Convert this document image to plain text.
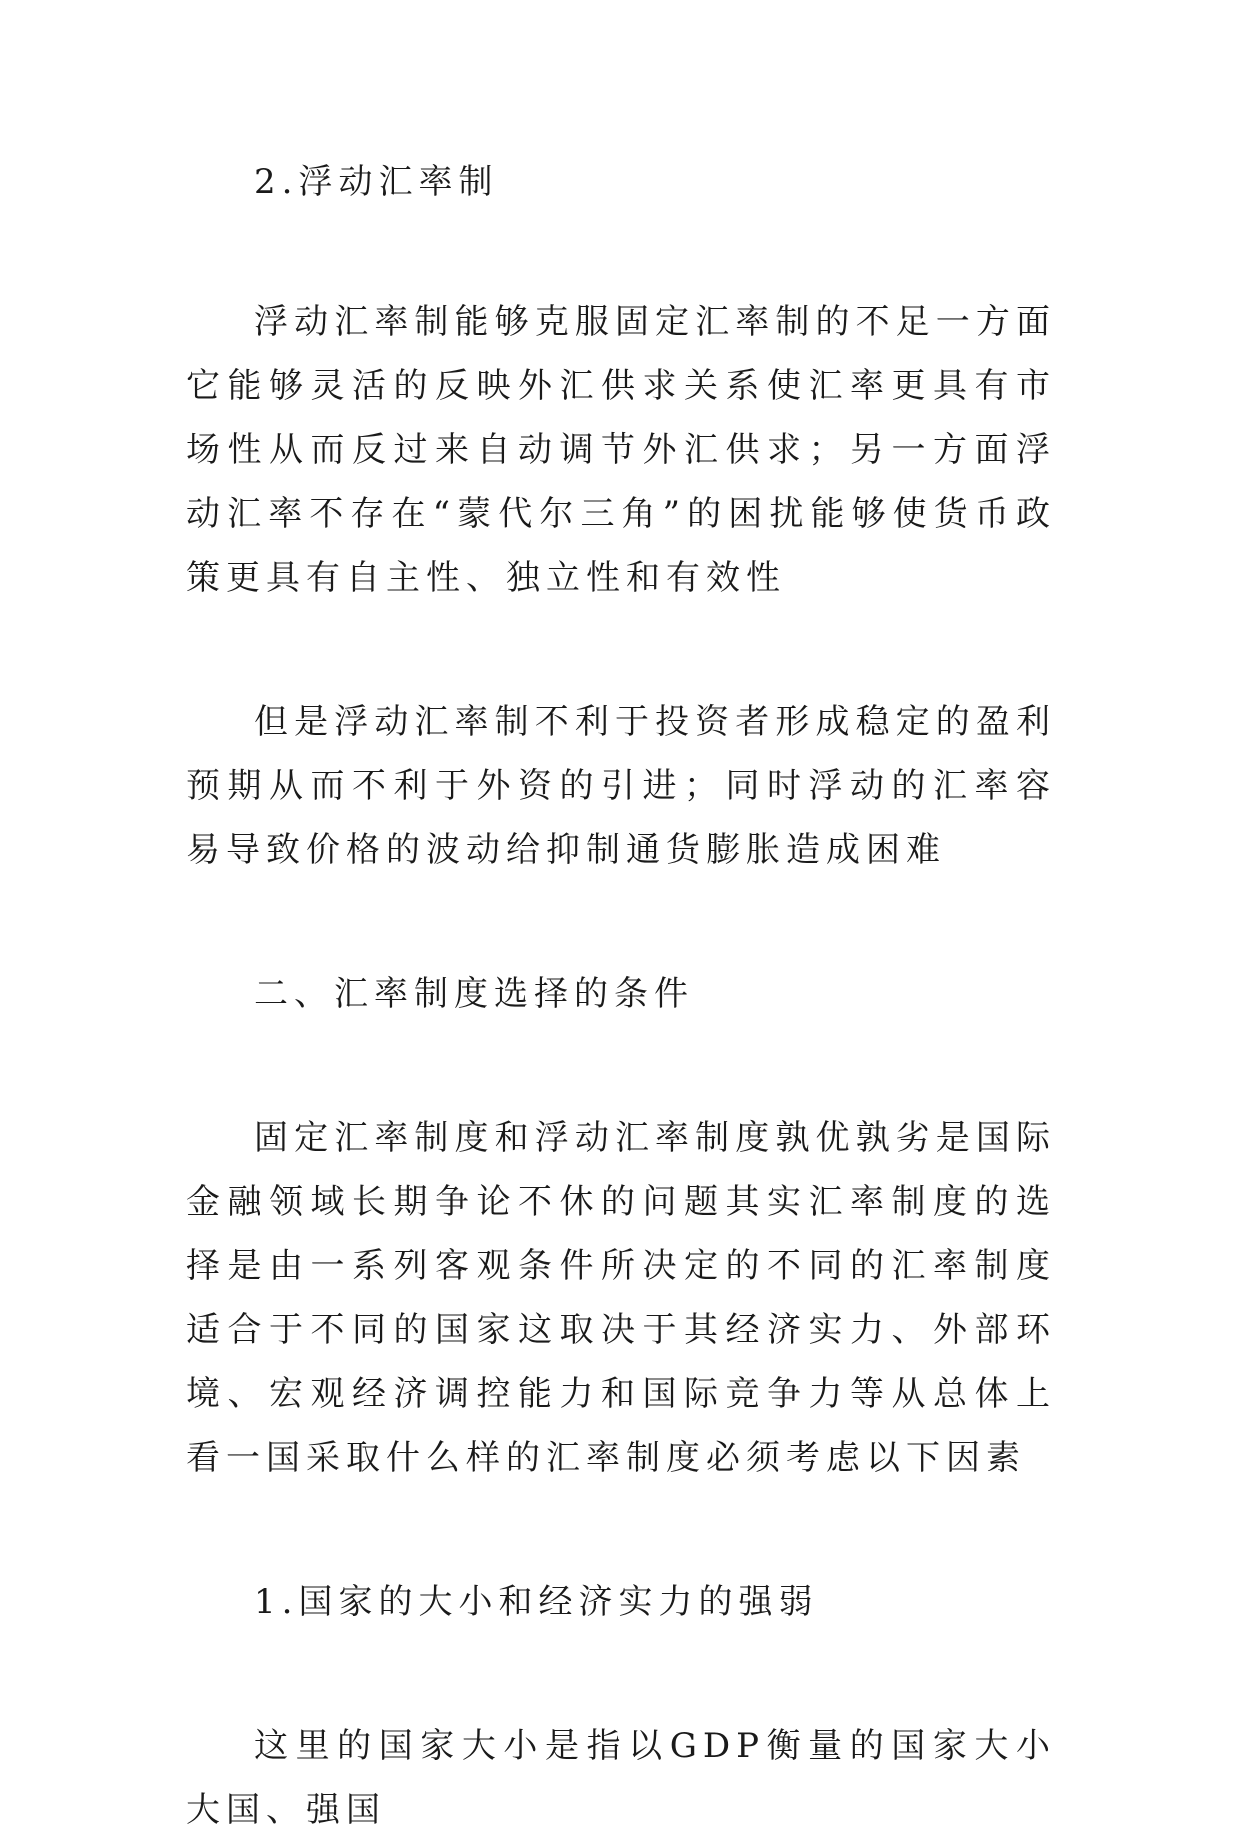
2.浮动汇率制

浮动汇率制能够克服固定汇率制的不足一方面它能够灵活的反映外汇供求关系使汇率更具有市场性从而反过来自动调节外汇供求；另一方面浮动汇率不存在“蒙代尔三角”的困扰能够使货币政策更具有自主性、独立性和有效性

但是浮动汇率制不利于投资者形成稳定的盈利预期从而不利于外资的引进；同时浮动的汇率容易导致价格的波动给抑制通货膨胀造成困难

二、汇率制度选择的条件

固定汇率制度和浮动汇率制度孰优孰劣是国际金融领域长期争论不休的问题其实汇率制度的选择是由一系列客观条件所决定的不同的汇率制度适合于不同的国家这取决于其经济实力、外部环境、宏观经济调控能力和国际竞争力等从总体上看一国采取什么样的汇率制度必须考虑以下因素

1.国家的大小和经济实力的强弱

这里的国家大小是指以GDP衡量的国家大小大国、强国
